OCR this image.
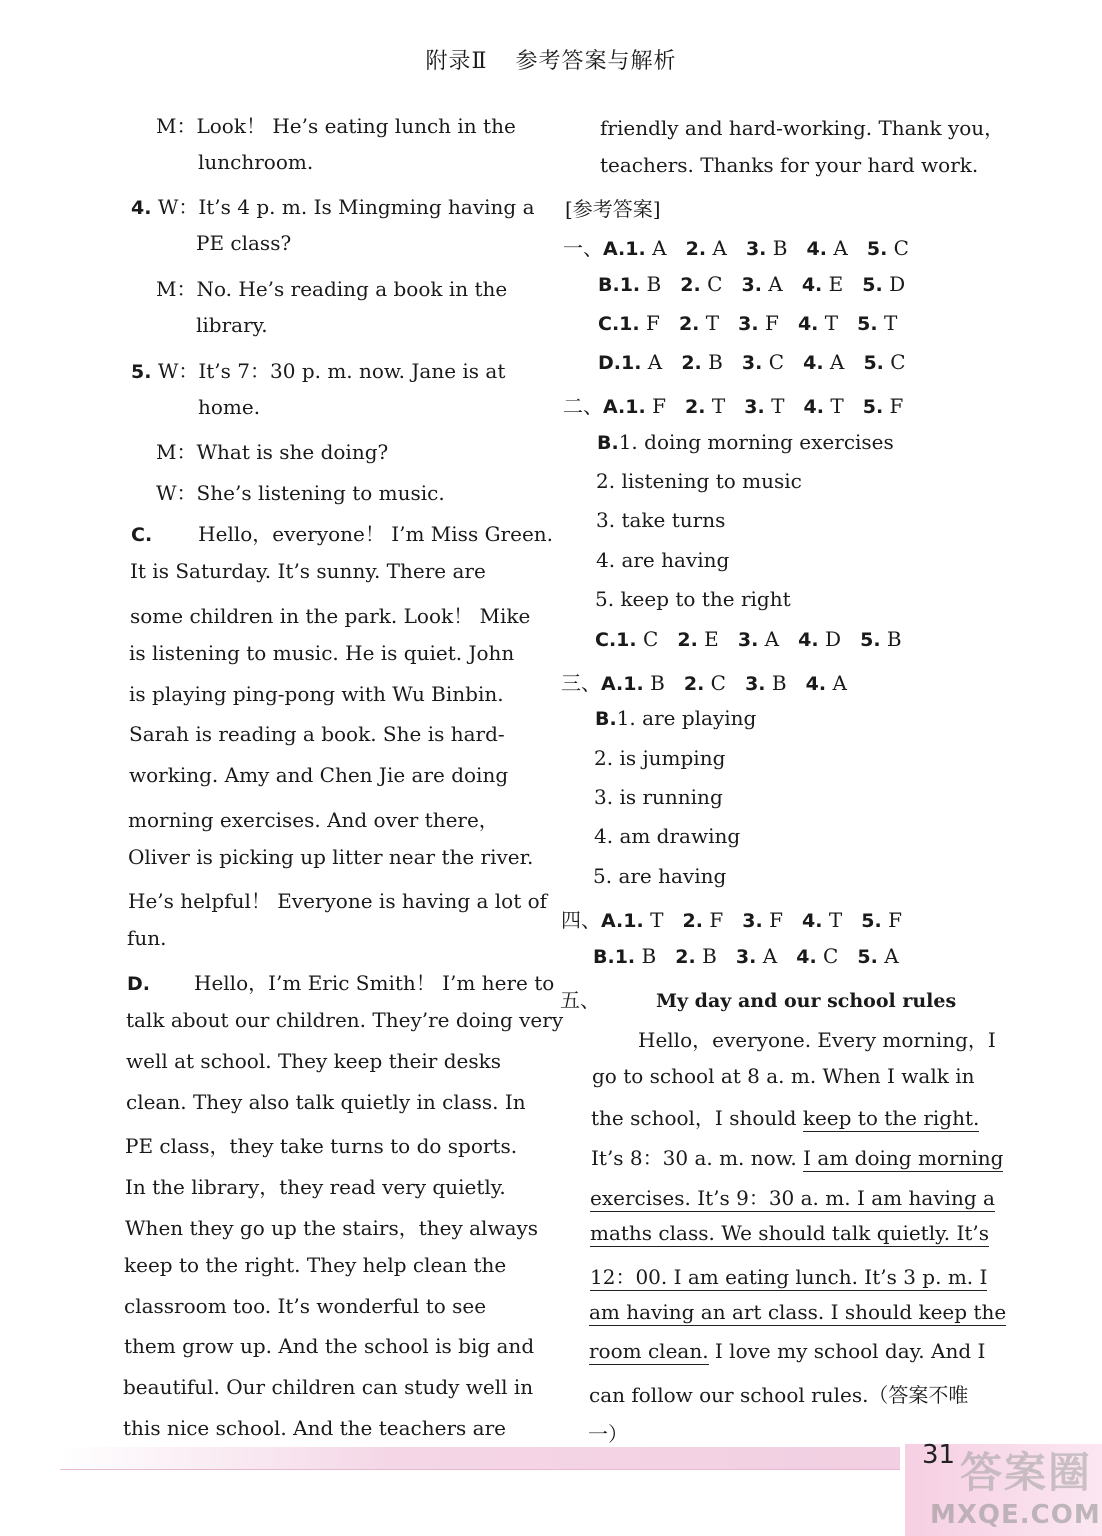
附录Ⅱ 参考答案与解析
M：Look！ He’s eating lunch in the
lunchroom.
4. W：It’s 4 p. m. Is Mingming having a
PE class?
M：No. He’s reading a book in the
library.
5. W：It’s 7：30 p. m. now. Jane is at
home.
M：What is she doing?
W：She’s listening to music.
C. Hello，everyone！ I’m Miss Green.
It is Saturday. It’s sunny. There are
some children in the park. Look！ Mike
is listening to music. He is quiet. John
is playing ping-pong with Wu Binbin.
Sarah is reading a book. She is hard-
working. Amy and Chen Jie are doing
morning exercises. And over there，
Oliver is picking up litter near the river.
He’s helpful！ Everyone is having a lot of
fun.
D. Hello，I’m Eric Smith！ I’m here to
talk about our children. They’re doing very
well at school. They keep their desks
clean. They also talk quietly in class. In
PE class，they take turns to do sports.
In the library，they read very quietly.
When they go up the stairs，they always
keep to the right. They help clean the
classroom too. It’s wonderful to see
them grow up. And the school is big and
beautiful. Our children can study well in
this nice school. And the teachers are
friendly and hard-working. Thank you，
teachers. Thanks for your hard work.
[参考答案]
一、A.1. A   2. A   3. B   4. A   5. C
B.1. B   2. C   3. A   4. E   5. D
C.1. F   2. T   3. F   4. T   5. T
D.1. A   2. B   3. C   4. A   5. C
二、A.1. F   2. T   3. T   4. T   5. F
B.1. doing morning exercises
2. listening to music
3. take turns
4. are having
5. keep to the right
C.1. C   2. E   3. A   4. D   5. B
三、A.1. B   2. C   3. B   4. A
B.1. are playing
2. is jumping
3. is running
4. am drawing
5. are having
四、A.1. T   2. F   3. F   4. T   5. F
B.1. B   2. B   3. A   4. C   5. A
五、	My day and our school rules
Hello，everyone. Every morning，I
go to school at 8 a. m. When I walk in
the school，I should keep to the right.
It’s 8：30 a. m. now. I am doing morning
exercises. It’s 9：30 a. m. I am having a
maths class. We should talk quietly. It’s
12：00. I am eating lunch. It’s 3 p. m. I
am having an art class. I should keep the
room clean. I love my school day. And I
can follow our school rules.（答案不唯
一）
31 答案圈
MXQE.COM
